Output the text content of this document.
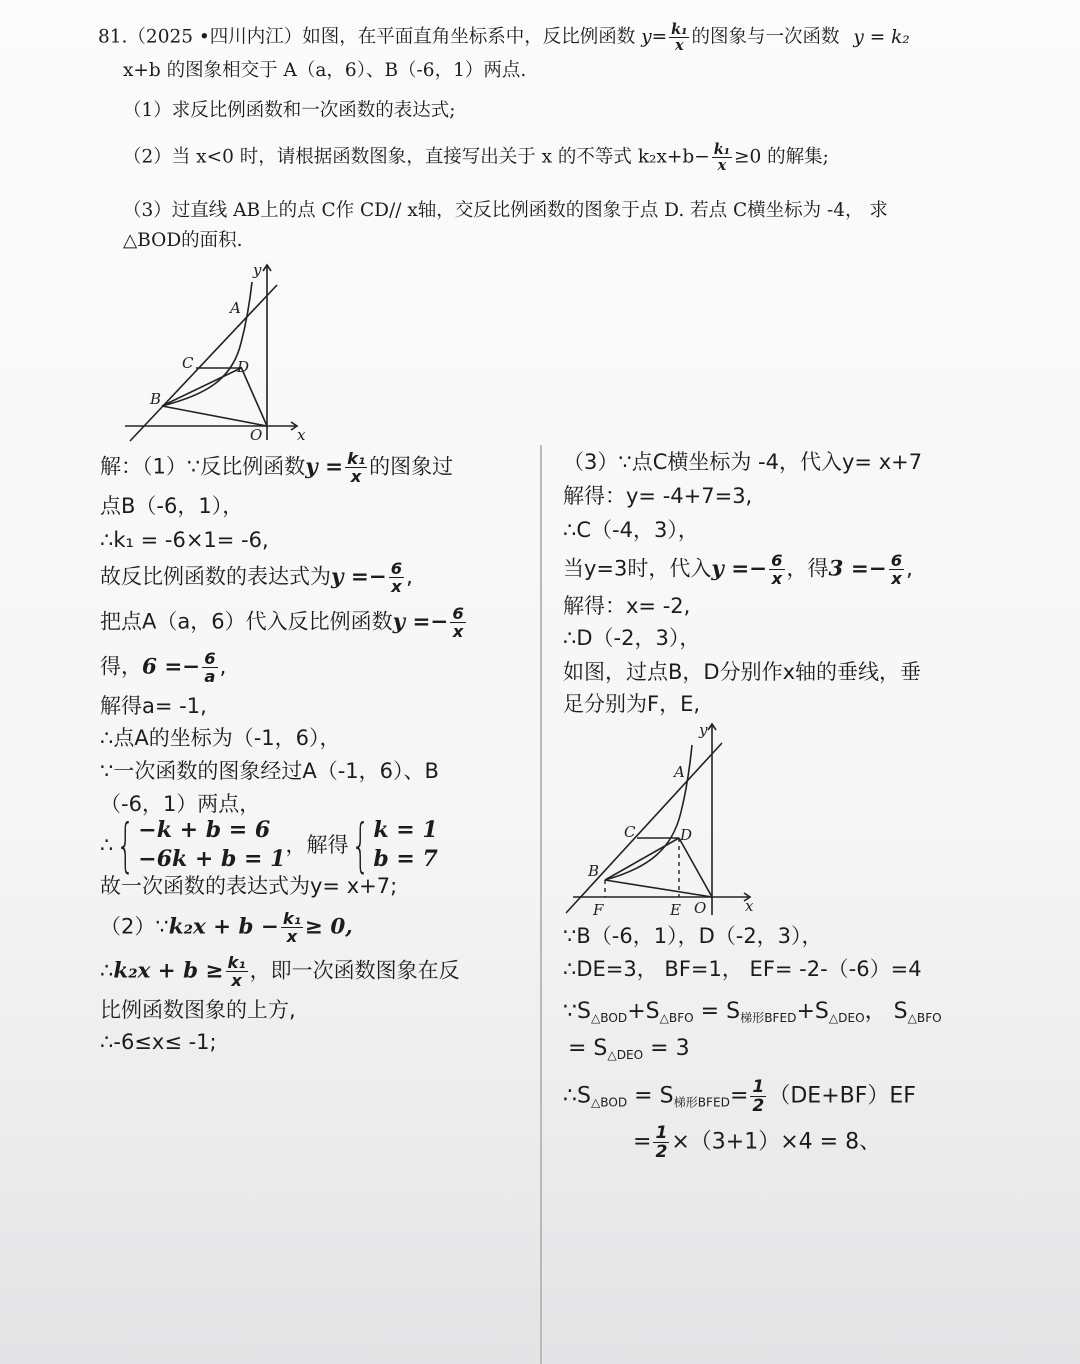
81.（2025 •四川内江）如图，在平面直角坐标系中，反比例函数 $y= \frac{\text{k₁}}{x}$ 的图象与一次函数 y = k₂
x+b 的图象相交于 A（a，6）、B（-6，1）两点.
（1）求反比例函数和一次函数的表达式;
（2）当 x<0 时，请根据函数图象，直接写出关于 x 的不等式 $k_2x+b- \frac{\text{k₁}}{x} \ge 0$ 的解集;
（3）过直线 AB上的点 C作 CD// x轴，交反比例函数的图象于点 D. 若点 C横坐标为 -4， 求
△BOD的面积.
y
x
O
A
C	D
B
解：（1）∵反比例函数$y = \frac{\text{k₁}}{x}$ 的图象过
点B（-6，1），
∴k₁ = -6×1= -6,
故反比例函数的表达式为$y =- \frac{6}{x}$ ,
把点A（a，6）代入反比例函数$y =- \frac{6}{x}$
得，$6 =- \frac{6}{a}$ ,
解得a= -1,
∴点A的坐标为（-1，6），
∵一次函数的图象经过A（-1，6）、B
（-6，1）两点，
∴{ −k + b = 6
−6k + b = 1
，解得{ k = 1
b = 7
故一次函数的表达式为y= x+7;
（2）∵k₂x + $b - \frac{\text{k₁}}{x} \ge 0$,
∴k₂x + $b \ge \frac{\text{k₁}}{x}$ ，即一次函数图象在反
比例函数图象的上方,
∴-6≤x≤ -1;
（3）∵点C横坐标为 -4，代入y= x+7
解得：y= -4+7=3,
∴C（-4，3），
当y=3时，代入$y =- \frac{6}{x}$ ，得$3 =- \frac{6}{x}$ ,
解得：x= -2,
∴D（-2，3），
如图，过点B，D分别作x轴的垂线，垂
足分别为F，E,
y
x
O
A
C	D
B
F	E
∵B（-6，1），D（-2，3），
∴DE=3， BF=1， EF= -2-（-6）=4
$\because S_{\triangle BOD}+S_{\triangle BFO} = S_{梯形BFED}+S_{\triangle DEO}$， $S_{\triangle BFO}$
= $S_{\triangle DEO} = 3$
$\therefore S_{\triangle BOD} = S_{梯形BFED}= \frac{1}{2} (DE+BF)EF$
= $\frac{1}{2} \times(3+1)\times 4 = 8$、
